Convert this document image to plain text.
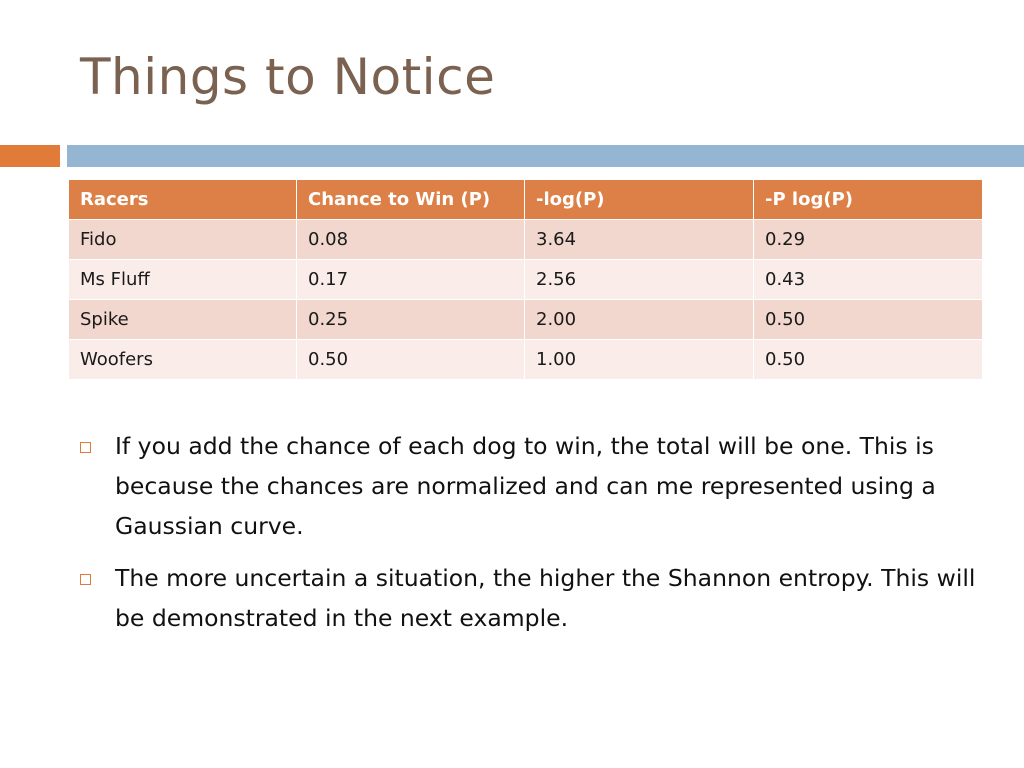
Things to Notice
Racers	Chance to Win (P)	-log(P)	-P log(P)
Fido	0.08	3.64	0.29
Ms Fluff	0.17	2.56	0.43
Spike	0.25	2.00	0.50
Woofers	0.50	1.00	0.50
If you add the chance of each dog to win, the total will be one. This is because the chances are normalized and can me represented using a Gaussian curve.
The more uncertain a situation, the higher the Shannon entropy. This will be demonstrated in the next example.
